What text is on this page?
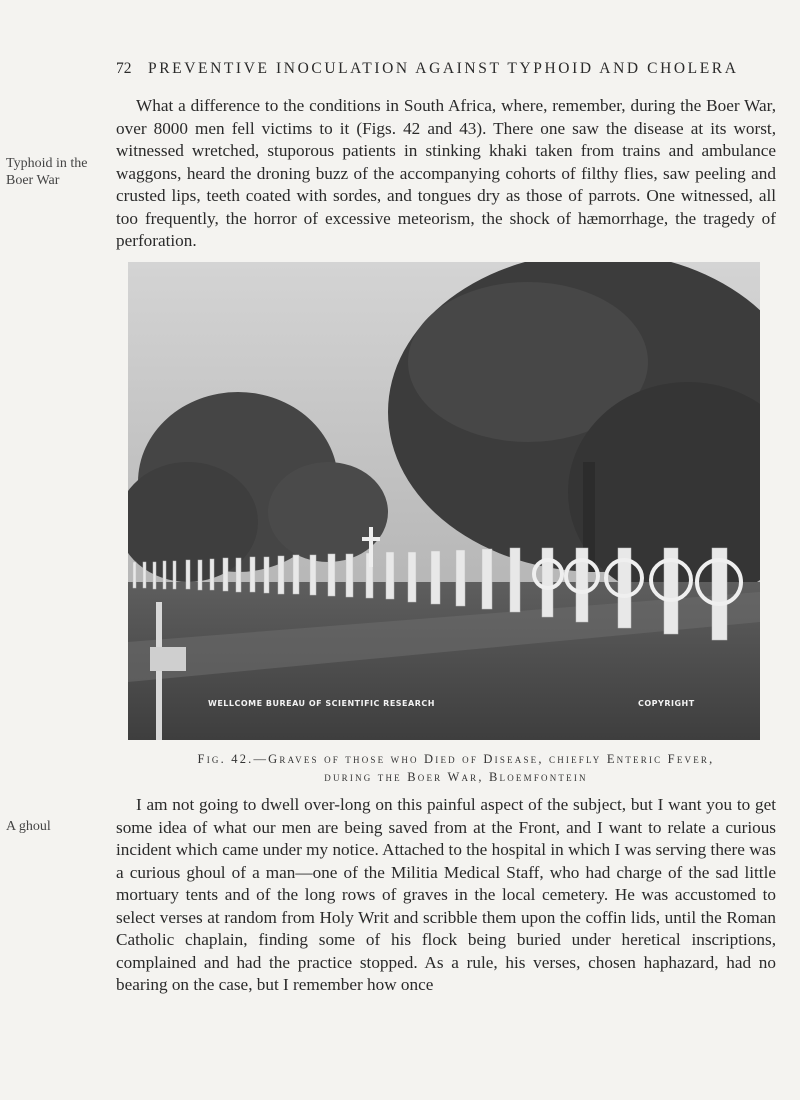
72 PREVENTIVE INOCULATION AGAINST TYPHOID AND CHOLERA
Typhoid in the Boer War

What a difference to the conditions in South Africa, where, remember, during the Boer War, over 8000 men fell victims to it (Figs. 42 and 43). There one saw the disease at its worst, witnessed wretched, stuporous patients in stinking khaki taken from trains and ambulance waggons, heard the droning buzz of the accompanying cohorts of filthy flies, saw peeling and crusted lips, teeth coated with sordes, and tongues dry as those of parrots. One witnessed, all too frequently, the horror of excessive meteorism, the shock of hæmorrhage, the tragedy of perforation.

WELLCOME BUREAU OF SCIENTIFIC RESEARCH	COPYRIGHT
Fig. 42.—Graves of those who Died of Disease, chiefly Enteric Fever,
during the Boer War, Bloemfontein
A ghoul

I am not going to dwell over-long on this painful aspect of the subject, but I want you to get some idea of what our men are being saved from at the Front, and I want to relate a curious incident which came under my notice. Attached to the hospital in which I was serving there was a curious ghoul of a man—one of the Militia Medical Staff, who had charge of the sad little mortuary tents and of the long rows of graves in the local cemetery. He was accustomed to select verses at random from Holy Writ and scribble them upon the coffin lids, until the Roman Catholic chaplain, finding some of his flock being buried under heretical inscriptions, complained and had the practice stopped. As a rule, his verses, chosen haphazard, had no bearing on the case, but I remember how once
